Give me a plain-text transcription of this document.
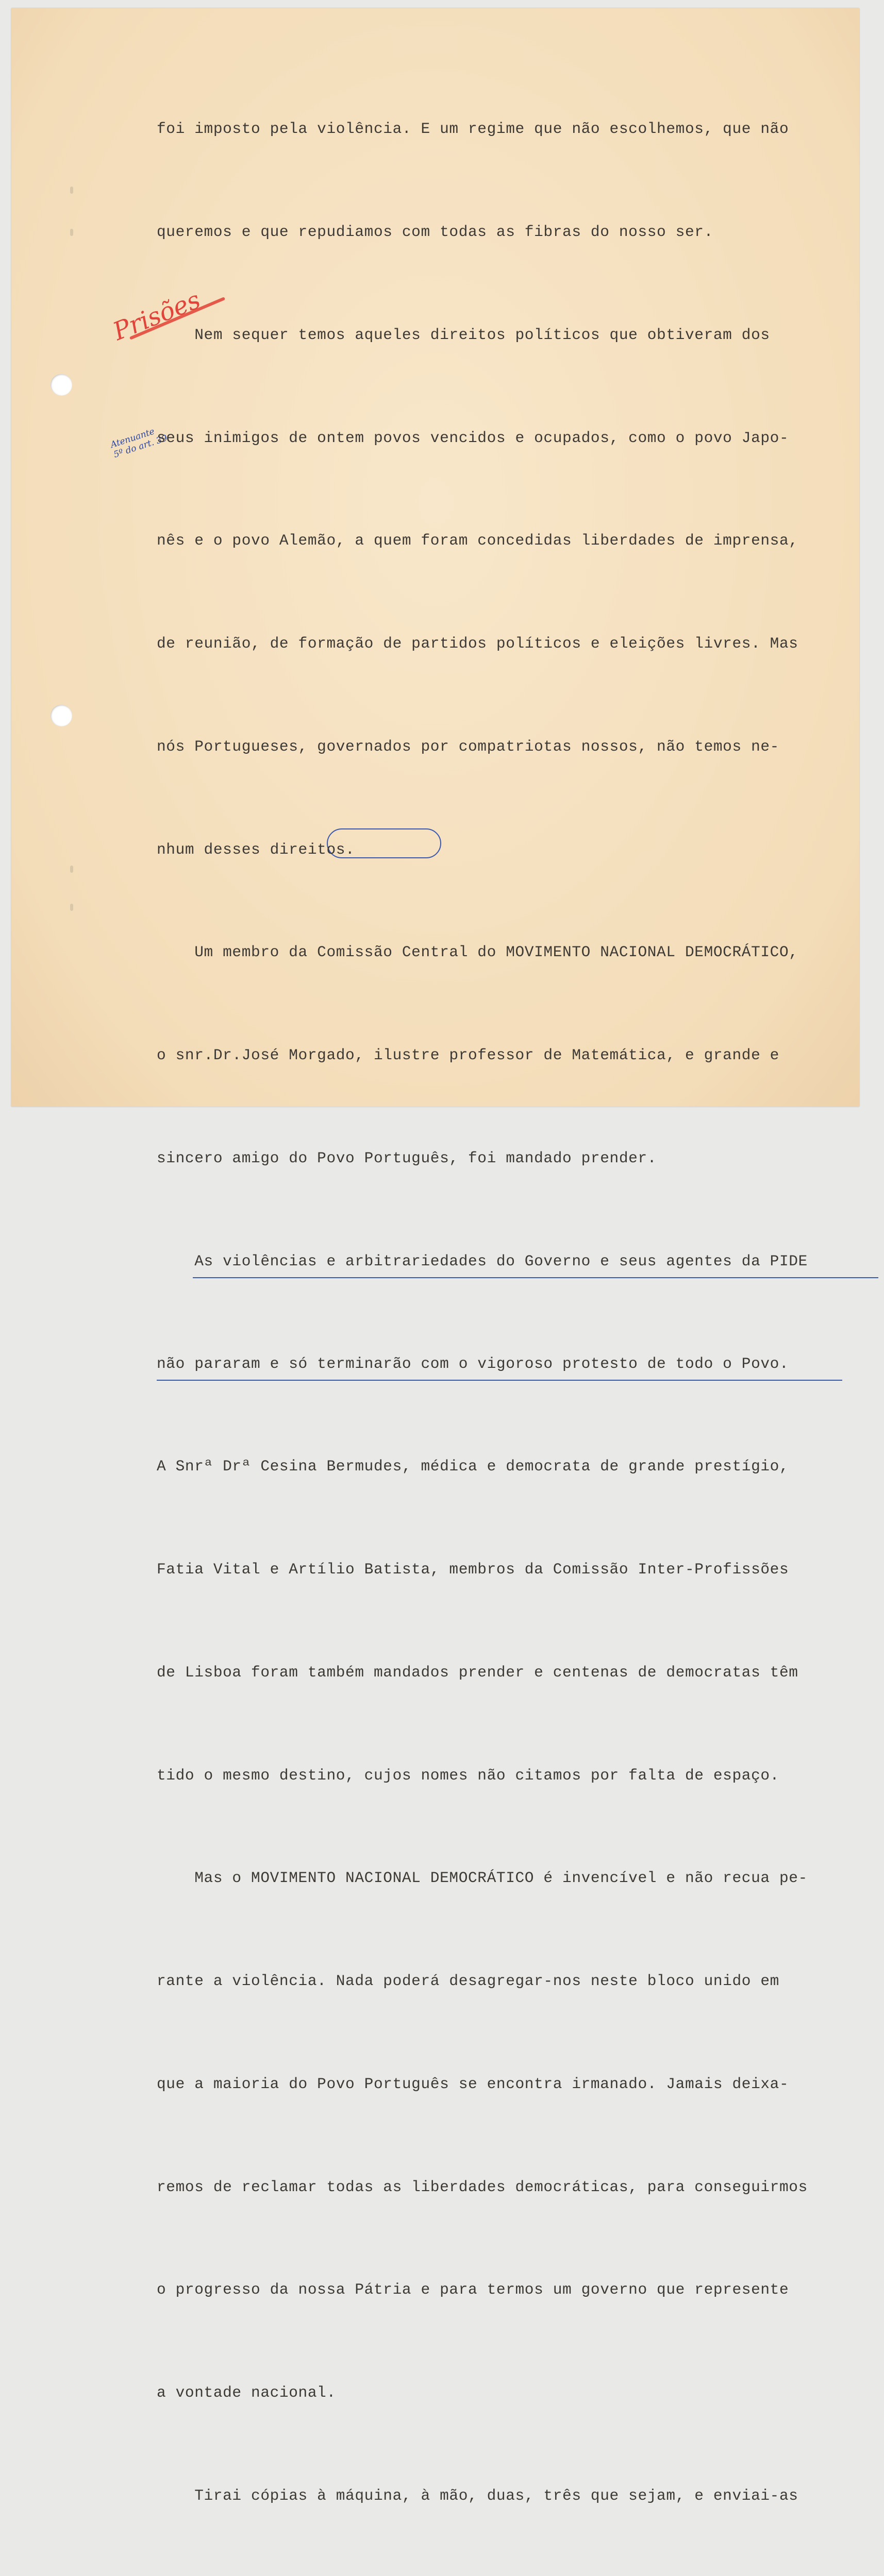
Prisões
Atenuante
5º do art. 39

foi imposto pela violência. E um regime que não escolhemos, que não

queremos e que repudiamos com todas as fibras do nosso ser.

Nem sequer temos aqueles direitos políticos que obtiveram dos

seus inimigos de ontem povos vencidos e ocupados, como o povo Japo-

nês e o povo Alemão, a quem foram concedidas liberdades de imprensa,

de reunião, de formação de partidos políticos e eleições livres. Mas

nós Portugueses, governados por compatriotas nossos, não temos ne-

nhum desses direitos.

Um membro da Comissão Central do MOVIMENTO NACIONAL DEMOCRÁTICO,

o snr.Dr.José Morgado, ilustre professor de Matemática, e grande e

sincero amigo do Povo Português, foi mandado prender.

As violências e arbitrariedades do Governo e seus agentes da PIDE

não pararam e só terminarão com o vigoroso protesto de todo o Povo.

A Snrª Drª Cesina Bermudes, médica e democrata de grande prestígio,

Fatia Vital e Artílio Batista, membros da Comissão Inter-Profissões

de Lisboa foram também mandados prender e centenas de democratas têm

tido o mesmo destino, cujos nomes não citamos por falta de espaço.

Mas o MOVIMENTO NACIONAL DEMOCRÁTICO é invencível e não recua pe-

rante a violência. Nada poderá desagregar-nos neste bloco unido em

que a maioria do Povo Português se encontra irmanado. Jamais deixa-

remos de reclamar todas as liberdades democráticas, para conseguirmos

o progresso da nossa Pátria e para termos um governo que represente

a vontade nacional.

Tirai cópias à máquina, à mão, duas, três que sejam, e enviai-as
